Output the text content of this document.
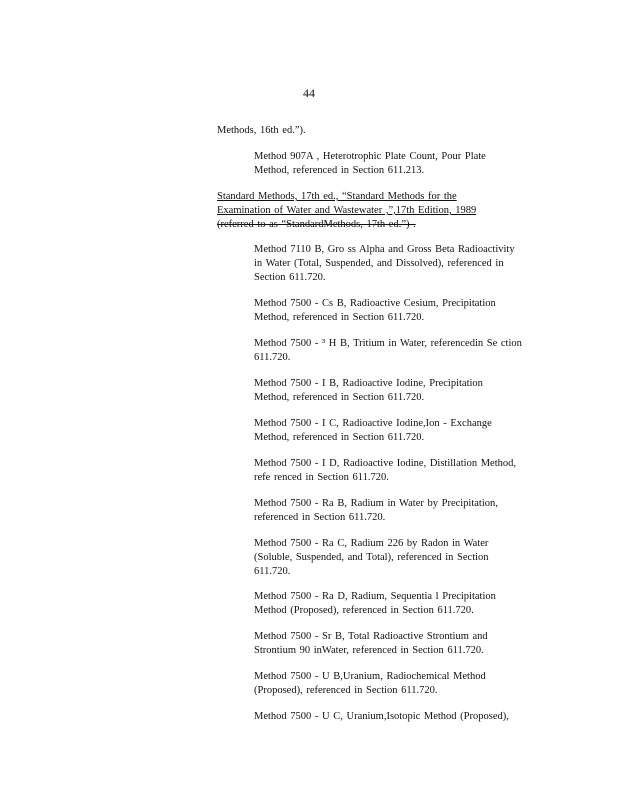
44
Methods, 16th ed.”).
Method 907A , Heterotrophic Plate Count, Pour Plate
Method, referenced in Section 611.213.
Standard Methods, 17th ed., “Standard Methods for the
Examination of Water and Wastewater ,”,17th Edition, 1989
(referred to as “StandardMethods, 17th ed.”) .
Method 7110 B, Gro ss Alpha and Gross Beta Radioactivity
in Water (Total, Suspended, and Dissolved), referenced in
Section 611.720.
Method 7500 - Cs B, Radioactive Cesium, Precipitation
Method, referenced in Section 611.720.
Method 7500 - ³ H B, Tritium in Water, referencedin Se ction
611.720.
Method 7500 - I B, Radioactive Iodine, Precipitation
Method, referenced in Section 611.720.
Method 7500 - I C, Radioactive Iodine,Ion - Exchange
Method, referenced in Section 611.720.
Method 7500 - I D, Radioactive Iodine, Distillation Method,
refe renced in Section 611.720.
Method 7500 - Ra B, Radium in Water by Precipitation,
referenced in Section 611.720.
Method 7500 - Ra C, Radium 226 by Radon in Water
(Soluble, Suspended, and Total), referenced in Section
611.720.
Method 7500 - Ra D, Radium, Sequentia l Precipitation
Method (Proposed), referenced in Section 611.720.
Method 7500 - Sr B, Total Radioactive Strontium and
Strontium 90 inWater, referenced in Section 611.720.
Method 7500 - U B,Uranium, Radiochemical Method
(Proposed), referenced in Section 611.720.
Method 7500 - U C, Uranium,Isotopic Method (Proposed),
